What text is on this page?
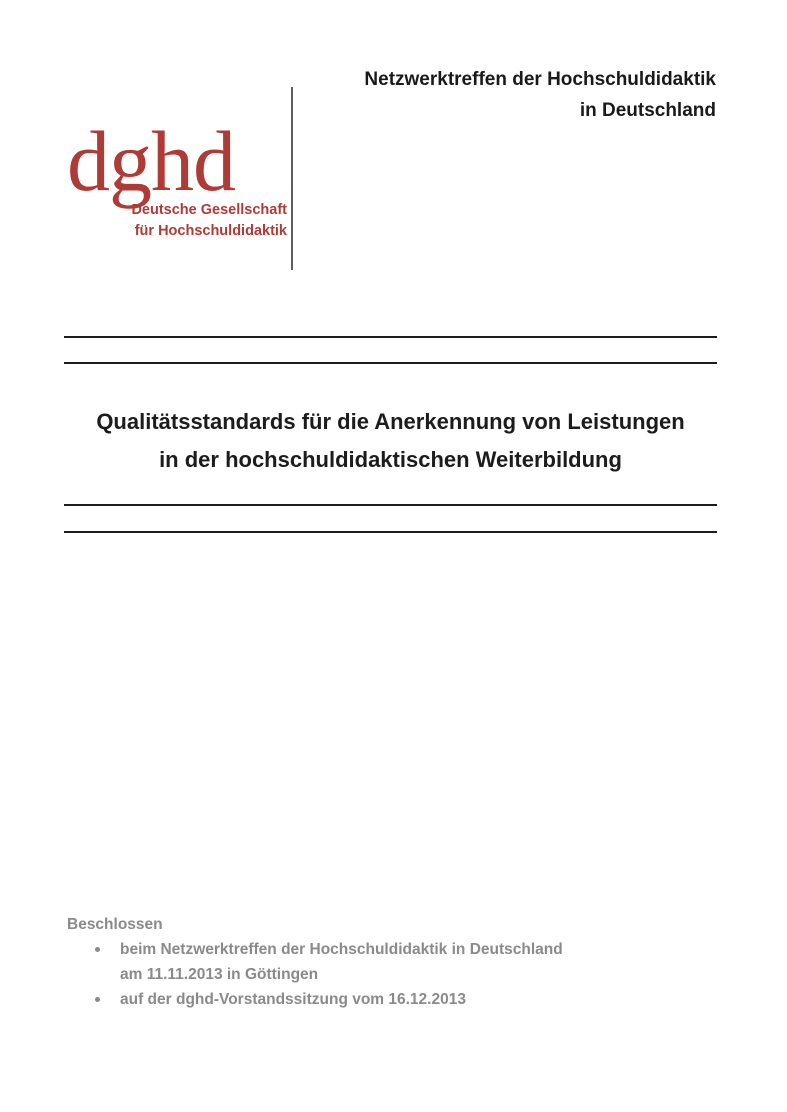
Netzwerktreffen der Hochschuldidaktik
in Deutschland
dghd
Deutsche Gesellschaft
für Hochschuldidaktik
Qualitätsstandards für die Anerkennung von Leistungen
in der hochschuldidaktischen Weiterbildung

Beschlossen

beim Netzwerktreffen der Hochschuldidaktik in Deutschland
am 11.11.2013 in Göttingen
auf der dghd-Vorstandssitzung vom 16.12.2013
